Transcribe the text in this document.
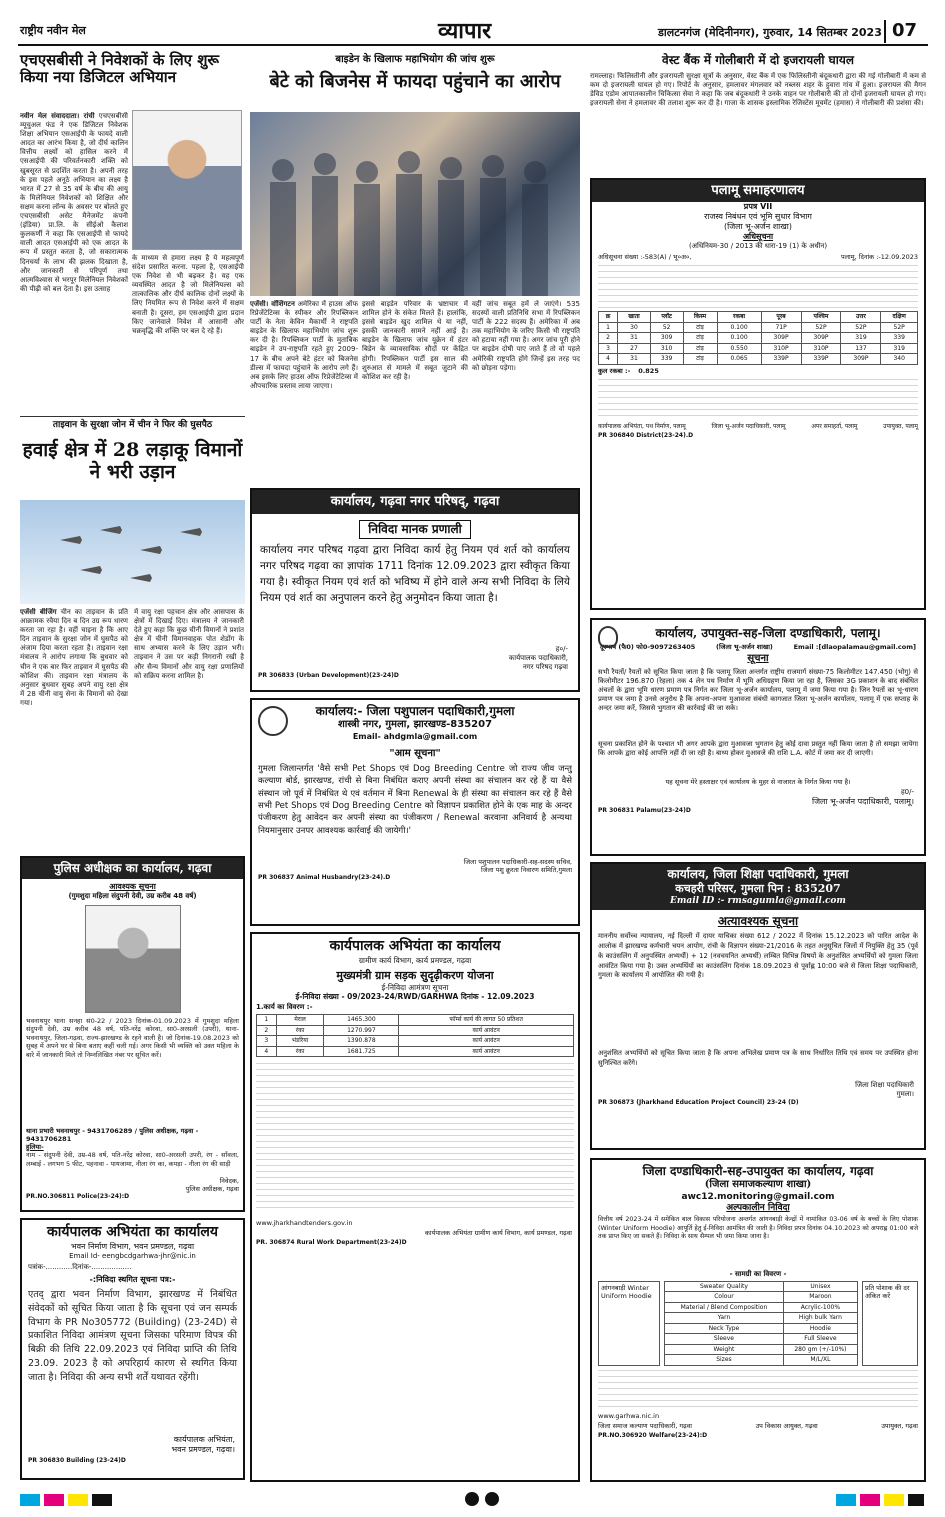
राष्ट्रीय नवीन मेल	व्यापार	डालटनगंज (मेदिनीनगर), गुरुवार, 14 सितम्बर 2023 07
एचएसबीसी ने निवेशकों के लिए शुरू किया नया डिजिटल अभियान
नवीन मेल संवाददाता। रांची एचएसबीसी म्यूचुअल फंड ने एक डिजिटल निवेशक शिक्षा अभियान एसआईपी के फायदे वाली आदत का आरंभ किया है, जो दीर्घ कालिन वित्तीय लक्ष्यों को हासिल करने में एसआईपी की परिवर्तनकारी शक्ति को खुबसूरत से प्रदर्शित करता है। अपनी तरह के इस पहले अनूठे अभियान का लक्ष्य है भारत में 27 से 35 वर्ष के बीच की आयु के मिलेनियल निवेशकों को शिक्षित और सक्षम करना लॉन्च के अवसर पर बोलते हुए एचएसबीसी असेट मैनेजमेंट कंपनी (इंडिया) प्रा.लि. के सीईओ कैलाश कुलकर्णी ने कहा कि एसआईपी से फायदे वाली आदत एसआईपी को एक आदत के रूप में प्रस्तुत करता है, जो सकारात्मक दिनचर्या के लाभ की झलक दिखाता है, और जानकारी से परिपूर्ण तथा आत्मविश्वास से भरपूर मिलेनियल निवेशकों की पीढ़ी को बल देता है। इस उत्साह
के माध्यम से हमारा लक्ष्य है ये महत्वपूर्ण संदेश प्रसारित करना. पहला है, एसआईपी एक निवेश से भी बढ़कर है। यह एक व्यवस्थित आदत है जो मिलेनियल्स को तात्कालिक और दीर्घ कालिक दोनों लक्ष्यों के लिए नियमित रूप से निवेश करने में सक्षम बनाती है। दूसरा, हम एसआईपी द्वारा प्रदान किए जानेवाले निवेश में आसानी और चक्रवृद्धि की शक्ति पर बल दे रहे हैं।
ताइवान के सुरक्षा जोन में चीन ने फिर की घुसपैठ
हवाई क्षेत्र में 28 लड़ाकू विमानों ने भरी उड़ान
एजेंसी बीजिंग चीन का ताइवान के प्रति आक्रामक रवैया दिन ब दिन उग्र रूप धारण करता जा रहा है। वहीं चाइना है कि आए दिन ताइवान के सुरक्षा जोन में घुसपैठ को अंजाम दिया करता रहता है। ताइवान रक्षा मंत्रालय ने आरोप लगाया कि बुधवार को चीन ने एक बार फिर ताइवान में घुसपैठ की कोशिश की। ताइवान रक्षा मंत्रालय के अनुसार बुधवार सुबह अपने वायु रक्षा क्षेत्र में 28 चीनी वायु सेना के विमानों को देखा गया।
में वायु रक्षा पहचान क्षेत्र और आसपास के क्षेत्रों में दिखाई दिए। मंत्रालय ने जानकारी देते हुए कहा कि कुछ चीनी विमानों ने प्रशांत क्षेत्र में चीनी विमानवाहक पोत शेडोंग के साथ अभ्यास करने के लिए उड़ान भरी। ताइवान ने उस पर कड़ी निगरानी रखी है और सैन्य विमानों और वायु रक्षा प्रणालियों को सक्रिय करना शामिल है।
पुलिस अधीक्षक का कार्यालय, गढ़वा
आवश्यक सूचना
(गुमशुदा महिला संदुपनी देवी, उम्र करीब 48 वर्ष)
भवनाथपुर थाना सनहा सं0-22 / 2023 दिनांक-01.09.2023 में गुमशुदा महिला संदुपनी देवी, उम्र करीब 48 वर्ष, पति-नरेंद्र कोरवा, सा0-अरसली (उपरी), थाना-भवनाथपुर, जिला-गढ़वा, राज्य-झारखण्ड के रहने वाली है। जो दिनांक-19.08.2023 को सुबह में अपने घर से बिना बताए कहीं चली गई। अगर किसी भी व्यक्ति को उक्त महिला के बारे में जानकारी मिले तो निम्नलिखित नंबर पर सूचित करें।
थाना प्रभारी भवनाथपुर - 9431706289 / पुलिस अधीक्षक, गढ़वा - 9431706281
हुलिया-
नाम - संदुपनी देवी, उम्र-48 वर्ष, पति-नरेंद्र कोरवा, सा0-अरसली उपरी, रंग - साँवला, लम्बाई - लगभग 5 फीट, पहनावा - पायजामा, नीला रंग का, कपड़ा - नीला रंग की साड़ी
निवेदक,
पुलिस अधीक्षक, गढ़वा
PR.NO.306811 Police(23-24):D
कार्यपालक अभियंता का कार्यालय
भवन निर्माण विभाग, भवन प्रमण्डल, गढ़वा
Email Id- eengbcdgarhwa-jhr@nic.in
पत्रांक-............दिनांक-..................
-:निविदा स्थगित सूचना पत्र:-
एतद् द्वारा भवन निर्माण विभाग, झारखण्ड में निबंधित संवेदकों को सूचित किया जाता है कि सूचना एवं जन सम्पर्क विभाग के PR No305772 (Building) (23-24D) से प्रकाशित निविदा आमंत्रण सूचना जिसका परिमाण विपत्र की बिक्री की तिथि 22.09.2023 एवं निविदा प्राप्ति की तिथि 23.09. 2023 है को अपरिहार्य कारण से स्थगित किया जाता है। निविदा की अन्य सभी शर्तें यथावत रहेंगी।
कार्यपालक अभियंता,
भवन प्रमण्डल, गढ़वा।
PR 306830 Building (23-24)D
बाइडेन के खिलाफ महाभियोग की जांच शुरू
बेटे को बिजनेस में फायदा पहुंचाने का आरोप
एजेंसी। वॉशिंगटन अमेरिका में हाउस ऑफ रिप्रेजेंटेटिव्स के स्पीकर और रिपब्लिकन पार्टी के नेता केविन मैकार्थी ने राष्ट्रपति बाइडेन के खिलाफ महाभियोग जांच शुरू कर दी है। रिपब्लिकन पार्टी के मुताबिक बाइडेन ने उप-राष्ट्रपति रहते हुए 2009-17 के बीच अपने बेटे हंटर को बिजनेस डील्स में फायदा पहुंचाने के आरोप लगे हैं। अब इसके लिए हाउस ऑफ रिप्रेजेंटेटिव्स में औपचारिक प्रस्ताव लाया जाएगा।
इससे बाइडेन परिवार के भ्रष्टाचार में शामिल होने के संकेत मिलते हैं। हालांकि, इससे बाइडेन खुद शामिल थे या नहीं, इसकी जानकारी सामने नहीं आई है। बाइडेन के खिलाफ जांच यूक्रेन में हंटर बिडेन के व्यावसायिक सौदों पर केंद्रित होगी। रिपब्लिकन पार्टी इस साल की शुरुआत से मामले में सबूत जुटाने की कोशिश कर रही है।
वहीं जांच सबूत हमें ले जाएंगे। 535 सदस्यों वाली प्रतिनिधि सभा में रिपब्लिकन पार्टी के 222 सदस्य हैं। अमेरिका में अब तक महाभियोग के जरिए किसी भी राष्ट्रपति को हटाया नहीं गया है। अगर जांच पूरी होने पर बाइडेन दोषी पाए जाते हैं तो वो पहले अमेरिकी राष्ट्रपति होंगे जिन्हें इस तरह पद को छोड़ना पड़ेगा।
कार्यालय, गढ़वा नगर परिषद्, गढ़वा
निविदा मानक प्रणाली
कार्यालय नगर परिषद गढ़वा द्वारा निविदा कार्य हेतु नियम एवं शर्त को कार्यालय नगर परिषद गढ़वा का ज्ञापांक 1711 दिनांक 12.09.2023 द्वारा स्वीकृत किया गया है। स्वीकृत नियम एवं शर्त को भविष्य में होने वाले अन्य सभी निविदा के लिये नियम एवं शर्त का अनुपालन करने हेतु अनुमोदन किया जाता है।
ह०/-
कार्यपालक पदाधिकारी,
नगर परिषद गढ़वा
PR 306833 (Urban Development)(23-24)D
कार्यालय:- जिला पशुपालन पदाधिकारी,गुमला
शास्त्री नगर, गुमला, झारखण्ड-835207
Email- ahdgmla@gmail.com
"आम सूचना"
गुमला जिलान्तर्गत 'वैसे सभी Pet Shops एवं Dog Breeding Centre जो राज्य जीव जन्तु कल्याण बोर्ड, झारखण्ड, रांची से बिना निबंधित कराए अपनी संस्था का संचालन कर रहे हैं या वैसे संस्थान जो पूर्व में निबंधित थे एवं वर्तमान में बिना Renewal के ही संस्था का संचालन कर रहे हैं वैसे सभी Pet Shops एवं Dog Breeding Centre को विज्ञापन प्रकाशित होने के एक माह के अन्दर पंजीकरण हेतु आवेदन कर अपनी संस्था का पंजीकरण / Renewal करवाना अनिवार्य है अन्यथा नियमानुसार उनपर आवश्यक कार्रवाई की जायेगी।'
जिला पशुपालन पदाधिकारी-सह-सदस्य सचिव,
जिला पशु क्रूरता निवारण समिति,गुमला
PR 306837 Animal Husbandry(23-24).D
कार्यपालक अभियंता का कार्यालय
ग्रामीण कार्य विभाग, कार्य प्रमण्डल, गढ़वा
मुख्यमंत्री ग्राम सड़क सुदृढ़ीकरण योजना
ई-निविदा आमंत्रण सूचना
ई-निविदा संख्या - 09/2023-24/RWD/GARHWA दिनांक - 12.09.2023
1.कार्य का विवरण :-
1	मेराल	1465.300	फॉर्म्स कार्य की लागत 50 प्रतिशत
2	रंका	1270.997	कार्य आवंटन
3	भंडरिया	1390.878	कार्य आवंटन
4	रंका	1681.725	कार्य आवंटन
www.jharkhandtenders.gov.in
कार्यपालक अभियंता ग्रामीण कार्य विभाग, कार्य प्रमण्डल, गढ़वा
PR. 306874 Rural Work Department(23-24)D
वेस्ट बैंक में गोलीबारी में दो इजरायली घायल
रामल्लाह। फिलिस्तीनी और इजरायली सुरक्षा सूत्रों के अनुसार, वेस्ट बैंक में एक फिलिस्तीनी बंदूकधारी द्वारा की गई गोलीबारी में कम से कम दो इजरायली घायल हो गए। रिपोर्ट के अनुसार, हमलावर मंगलवार को नब्लस शहर के हुवारा गांव में हुआ। इजरायल की मैगन डेविड एडोम आपातकालीन चिकित्सा सेवा ने कहा कि जब बंदूकधारी ने उनके वाहन पर गोलीबारी की तो दोनों इजरायली घायल हो गए। इजरायली सेना ने हमलावर की तलाश शुरू कर दी है। गाजा के शासक इस्लामिक रेजिस्टेंस मूवमेंट (हमास) ने गोलीबारी की प्रशंसा की।
पलामू समाहरणालय
प्रपत्र VII
राजस्व निबंधन एवं भूमि सुधार विभाग
(जिला भू-अर्जन शाखा)
अधिसूचना
(अधिनियम-30 / 2013 की धारा-19 (1) के अधीन)
अधिसूचना संख्या :-583(A) / भू०अ०,	पलामू, दिनांक :-12.09.2023
क्र	खाता	प्लॉट	किस्म	रकबा	पूरब	पश्चिम	उत्तर	दक्षिण
1	30	52	टांड़	0.100	71P	52P	52P	52P
2	31	309	टांड़	0.100	309P	309P	319	339
3	27	310	टांड़	0.550	310P	310P	137	319
4	31	339	टांड़	0.065	339P	339P	309P	340
कुल रकबा :- 0.825
कार्यपालक अभियंता, पथ निर्माण, पलामू	जिला भू-अर्जन पदाधिकारी, पलामू	अपर समाहर्ता, पलामू	उपायुक्त, पलामू
PR 306840 District(23-24).D
कार्यालय, उपायुक्त-सह-जिला दण्डाधिकारी, पलामू।
दूरभाष (फै0) फो0-9097263405	(जिला भू-अर्जन शाखा)	Email :[dlaopalamau@gmail.com]
सूचना
सभी रैयतों/ रैयतों को सूचित किया जाता है कि पलामू जिला अन्तर्गत राष्ट्रीय राजमार्ग संख्या-75 किलोमीटर 147.450 (भोगु) से किलोमीटर 196.870 (रेहला) तक 4 लेन पथ निर्माण में भूमि अधिग्रहण किया जा रहा है, जिसका 3G प्रकाशन के बाद संबंधित अंचलों के द्वारा भूमि धारण प्रमाण पत्र निर्गत कर जिला भू-अर्जन कार्यालय, पलामू में जमा किया गया है। जिन रैयतों का भू-धारण प्रमाण पत्र जमा है उनसे अनुरोध है कि अपना-अपना मुआवजा संबंधी कागजात जिला भू-अर्जन कार्यालय, पलामू में एक सप्ताह के अन्दर जमा करें, जिससे भुगतान की कार्रवाई की जा सके।
सूचना प्रकाशित होने के पश्चात भी अगर आपके द्वारा मुआवजा भुगतान हेतु कोई दावा प्रस्तुत नहीं किया जाता है तो समझा जायेगा कि आपके द्वारा कोई आपत्ति नहीं दी जा रही है। बाध्य होकर मुआवजे की राशि L.A. कोर्ट में जमा कर दी जाएगी।
यह सूचना मेरे हस्ताक्षर एवं कार्यालय के मुहर से नाजारत के निर्गत किया गया है।
ह0/-
जिला भू-अर्जन पदाधिकारी, पलामू।
PR 306831 Palamu(23-24)D
कार्यालय, जिला शिक्षा पदाधिकारी, गुमला
कचहरी परिसर, गुमला पिन : 835207
Email ID :- rmsagumla@gmail.com
अत्यावश्यक सूचना
माननीय सर्वोच्च न्यायालय, नई दिल्ली में दायर याचिका संख्या 612 / 2022 में दिनांक 15.12.2023 को पारित आदेश के आलोक में झारखण्ड कर्मचारी चयन आयोग, रांची के विज्ञापन संख्या-21/2016 के तहत अनुसूचित जिलों में नियुक्ति हेतु 35 (पूर्व के काउंसलिंग में अनुपस्थित अभ्यर्थी) + 12 (नवचयनित अभ्यर्थी) लम्बित विभिन्न विषयों के अनुशंसित अभ्यर्थियों को गुमला जिला आवंटित किया गया है। उक्त अभ्यर्थियों का काउंसलिंग दिनांक 18.09.2023 से पूर्वाह्न 10:00 बजे से जिला शिक्षा पदाधिकारी, गुमला के कार्यालय में आयोजित की गयी है।
अनुशंसित अभ्यर्थियों को सूचित किया जाता है कि अपना अभिलेख प्रमाण पत्र के साथ निर्धारित तिथि एवं समय पर उपस्थित होना सुनिश्चित करेंगे।
जिला शिक्षा पदाधिकारी
गुमला।
PR 306873 (Jharkhand Education Project Council) 23-24 (D)
जिला दण्डाधिकारी-सह-उपायुक्त का कार्यालय, गढ़वा
(जिला समाजकल्याण शाखा)
awc12.monitoring@gmail.com
अल्पकालीन निविदा
वित्तीय वर्ष 2023-24 में समेकित बाल विकास परियोजना अन्तर्गत आंगनबाड़ी केन्द्रों में नामांकित 03-06 वर्ष के बच्चों के लिए पोशाक (Winter Uniform Hoodie) आपूर्ति हेतु ई-निविदा आमंत्रित की जाती है। निविदा प्रपत्र दिनांक 04.10.2023 को अपराह्न 01:00 बजे तक प्राप्त किए जा सकते हैं। निविदा के साथ सैम्पल भी जमा किया जाना है।
- सामग्री का विवरण -
आंगनबाड़ी Winter Uniform Hoodie
Sweater Quality	Unisex
Colour	Maroon
Material / Blend Composition	Acrylic-100%
Yarn	High bulk Yarn
Neck Type	Hoodie
Sleeve	Full Sleeve
Weight	280 gm (+/-10%)
Sizes	M/L/XL
प्रति पोशाक की दर अंकित करें
www.garhwa.nic.in
जिला समाज कल्याण पदाधिकारी, गढ़वा	उप विकास आयुक्त, गढ़वा	उपायुक्त, गढ़वा
PR.NO.306920 Welfare(23-24):D
